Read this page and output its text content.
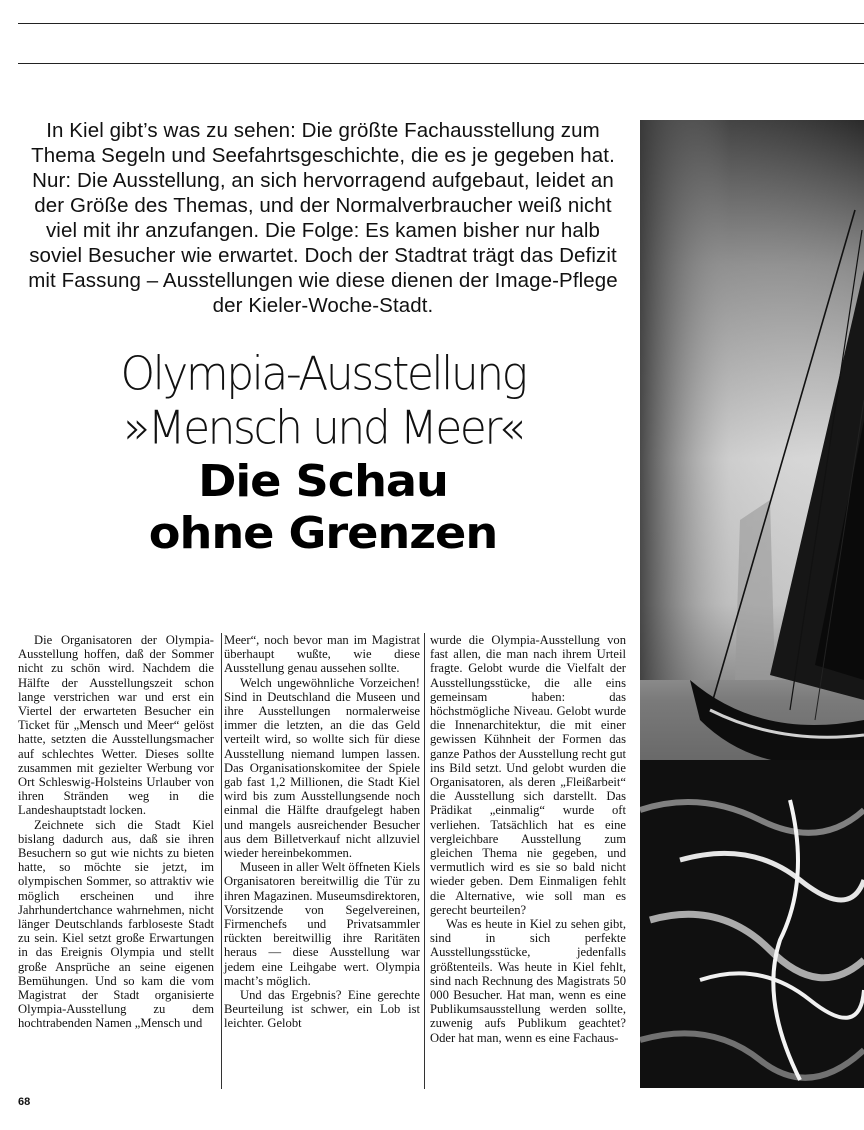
In Kiel gibt’s was zu sehen: Die größte Fachausstellung zum Thema Segeln und Seefahrtsgeschichte, die es je gegeben hat. Nur: Die Ausstellung, an sich hervorragend aufgebaut, leidet an der Größe des Themas, und der Normalverbraucher weiß nicht viel mit ihr anzufangen. Die Folge: Es kamen bisher nur halb soviel Besucher wie erwartet. Doch der Stadtrat trägt das Defizit mit Fassung – Ausstellungen wie diese dienen der Image-Pflege der Kieler-Woche-Stadt.
Olympia-Ausstellung
»Mensch und Meer«
Die Schau
ohne Grenzen

Die Organisatoren der Olympia-Ausstellung hoffen, daß der Sommer nicht zu schön wird. Nachdem die Hälfte der Ausstellungszeit schon lange verstrichen war und erst ein Viertel der erwarteten Besucher ein Ticket für „Mensch und Meer“ gelöst hatte, setzten die Ausstellungsmacher auf schlechtes Wetter. Dieses sollte zusammen mit gezielter Werbung vor Ort Schleswig-Holsteins Urlauber von ihren Stränden weg in die Landeshauptstadt locken.

Zeichnete sich die Stadt Kiel bislang dadurch aus, daß sie ihren Besuchern so gut wie nichts zu bieten hatte, so möchte sie jetzt, im olympischen Sommer, so attraktiv wie möglich erscheinen und ihre Jahrhundertchance wahrnehmen, nicht länger Deutschlands farbloseste Stadt zu sein. Kiel setzt große Erwartungen in das Ereignis Olympia und stellt große Ansprüche an seine eigenen Bemühungen. Und so kam die vom Magistrat der Stadt organisierte Olympia-Ausstellung zu dem hochtrabenden Namen „Mensch und

Meer“, noch bevor man im Magistrat überhaupt wußte, wie diese Ausstellung genau aussehen sollte.

Welch ungewöhnliche Vorzeichen! Sind in Deutschland die Museen und ihre Ausstellungen normalerweise immer die letzten, an die das Geld verteilt wird, so wollte sich für diese Ausstellung niemand lumpen lassen. Das Organisationskomitee der Spiele gab fast 1,2 Millionen, die Stadt Kiel wird bis zum Ausstellungsende noch einmal die Hälfte draufgelegt haben und mangels ausreichender Besucher aus dem Billetverkauf nicht allzuviel wieder hereinbekommen.

Museen in aller Welt öffneten Kiels Organisatoren bereitwillig die Tür zu ihren Magazinen. Museumsdirektoren, Vorsitzende von Segelvereinen, Firmenchefs und Privatsammler rückten bereitwillig ihre Raritäten heraus — diese Ausstellung war jedem eine Leihgabe wert. Olympia macht’s möglich.

Und das Ergebnis? Eine gerechte Beurteilung ist schwer, ein Lob ist leichter. Gelobt

wurde die Olympia-Ausstellung von fast allen, die man nach ihrem Urteil fragte. Gelobt wurde die Vielfalt der Ausstellungsstücke, die alle eins gemeinsam haben: das höchstmögliche Niveau. Gelobt wurde die Innenarchitektur, die mit einer gewissen Kühnheit der Formen das ganze Pathos der Ausstellung recht gut ins Bild setzt. Und gelobt wurden die Organisatoren, als deren „Fleißarbeit“ die Ausstellung sich darstellt. Das Prädikat „einmalig“ wurde oft verliehen. Tatsächlich hat es eine vergleichbare Ausstellung zum gleichen Thema nie gegeben, und vermutlich wird es sie so bald nicht wieder geben. Dem Einmaligen fehlt die Alternative, wie soll man es gerecht beurteilen?

Was es heute in Kiel zu sehen gibt, sind in sich perfekte Ausstellungsstücke, jedenfalls größtenteils. Was heute in Kiel fehlt, sind nach Rechnung des Magistrats 50 000 Besucher. Hat man, wenn es eine Publikumsausstellung werden sollte, zuwenig aufs Publikum geachtet? Oder hat man, wenn es eine Fachaus-

68
